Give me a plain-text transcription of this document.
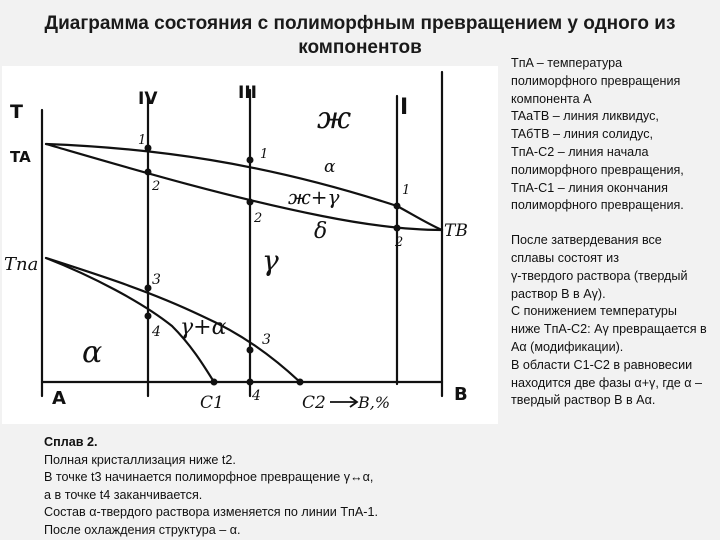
Диаграмма состояния с полиморфным превращением у одного из компонентов
T
TA
Tпа
TB
IV	III
I
ж
α
ж+γ
δ
γ
γ+α
α
1
2
1
2
1
2
3
4	3
4
A	C1	C2 B,%	B

TпA – температура полиморфного превращения компонента А

TAaTB – линия ликвидус,

TAбTB – линия солидус,

TпA-C2 – линия начала полиморфного превращения,

TпA-C1 – линия окончания полиморфного превращения.

После затвердевания все сплавы состоят из

γ-твердого раствора (твердый раствор В в Аγ).

С понижением температуры ниже TпA-C2: Аγ превращается в Аα (модификации).

В области С1-С2 в равновесии находится две фазы α+γ, где α – твердый раствор В в Аα.

Сплав 2.

Полная кристаллизация ниже t2.

В точке t3 начинается полиморфное превращение γ↔α,

а в точке t4 заканчивается.

Состав α-твердого раствора изменяется по линии TпA-1.

После охлаждения структура – α.
